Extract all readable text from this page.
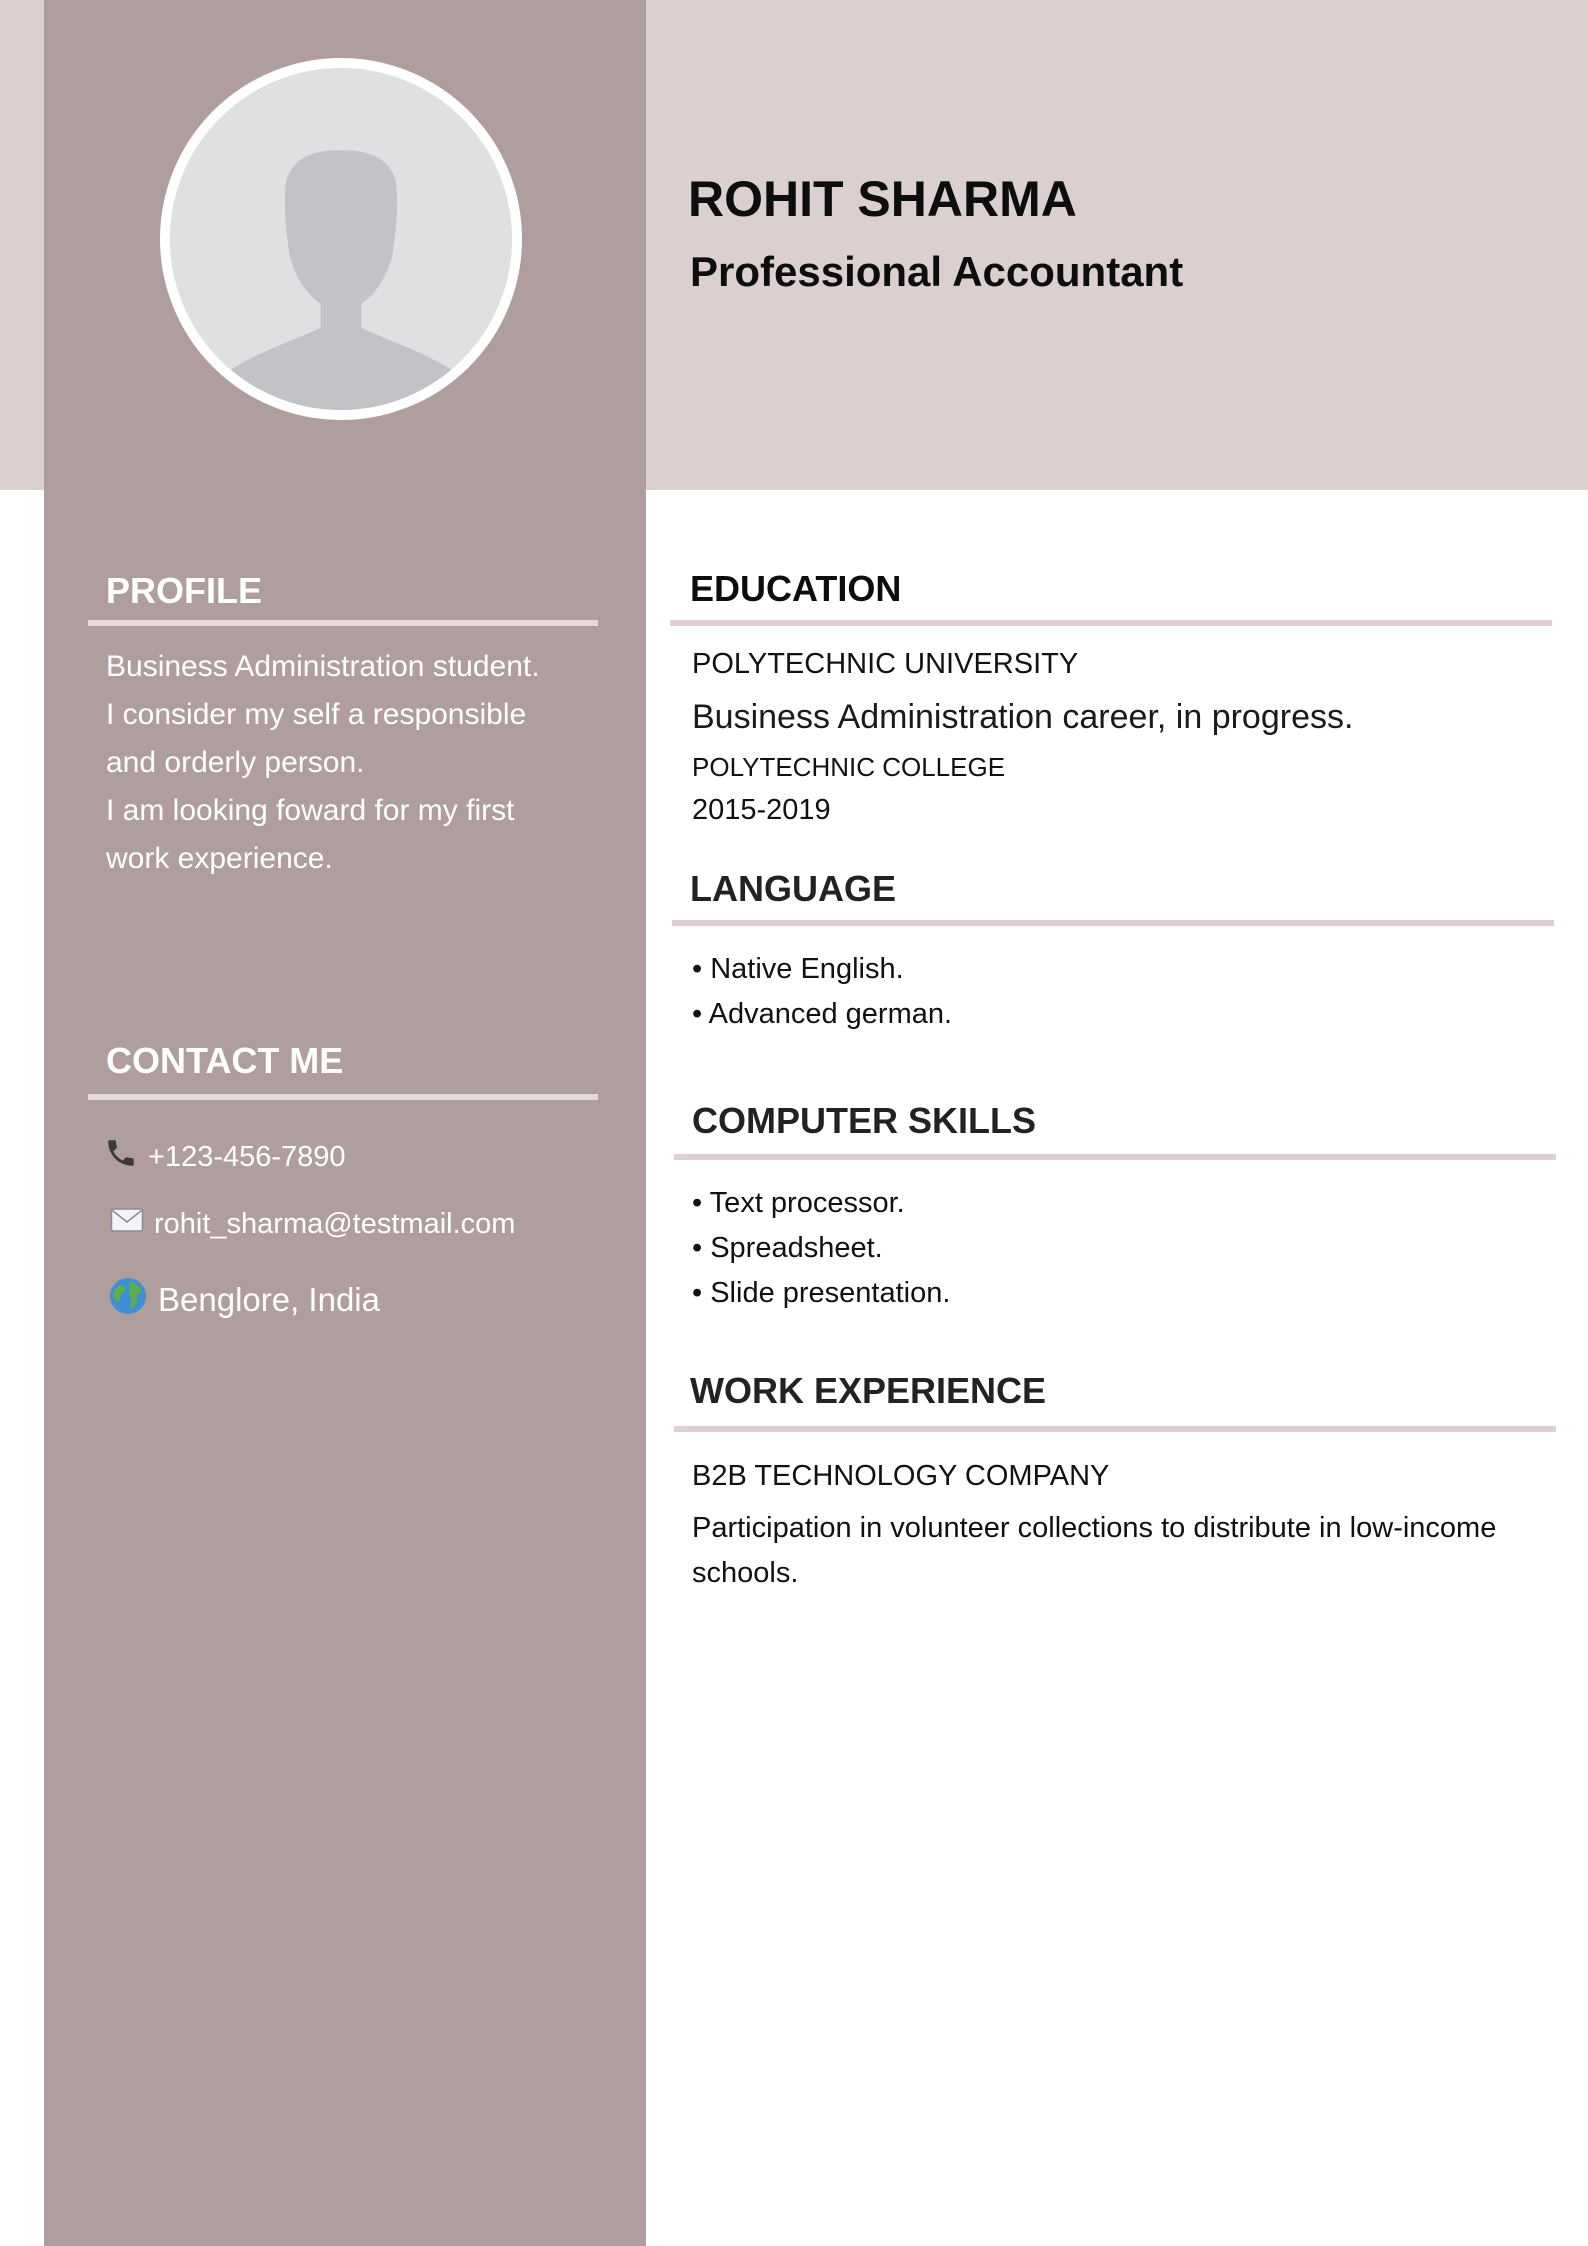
ROHIT SHARMA
Professional Accountant
PROFILE
Business Administration student.
I consider my self a responsible
and orderly person.
I am looking foward for my first
work experience.
CONTACT ME
+123-456-7890
rohit_sharma@testmail.com
Benglore, India
EDUCATION
POLYTECHNIC UNIVERSITY
Business Administration career, in progress.
POLYTECHNIC COLLEGE
2015-2019
LANGUAGE
• Native English.
• Advanced german.
COMPUTER SKILLS
• Text processor.
• Spreadsheet.
• Slide presentation.
WORK EXPERIENCE
B2B TECHNOLOGY COMPANY
Participation in volunteer collections to distribute in low-income
schools.
